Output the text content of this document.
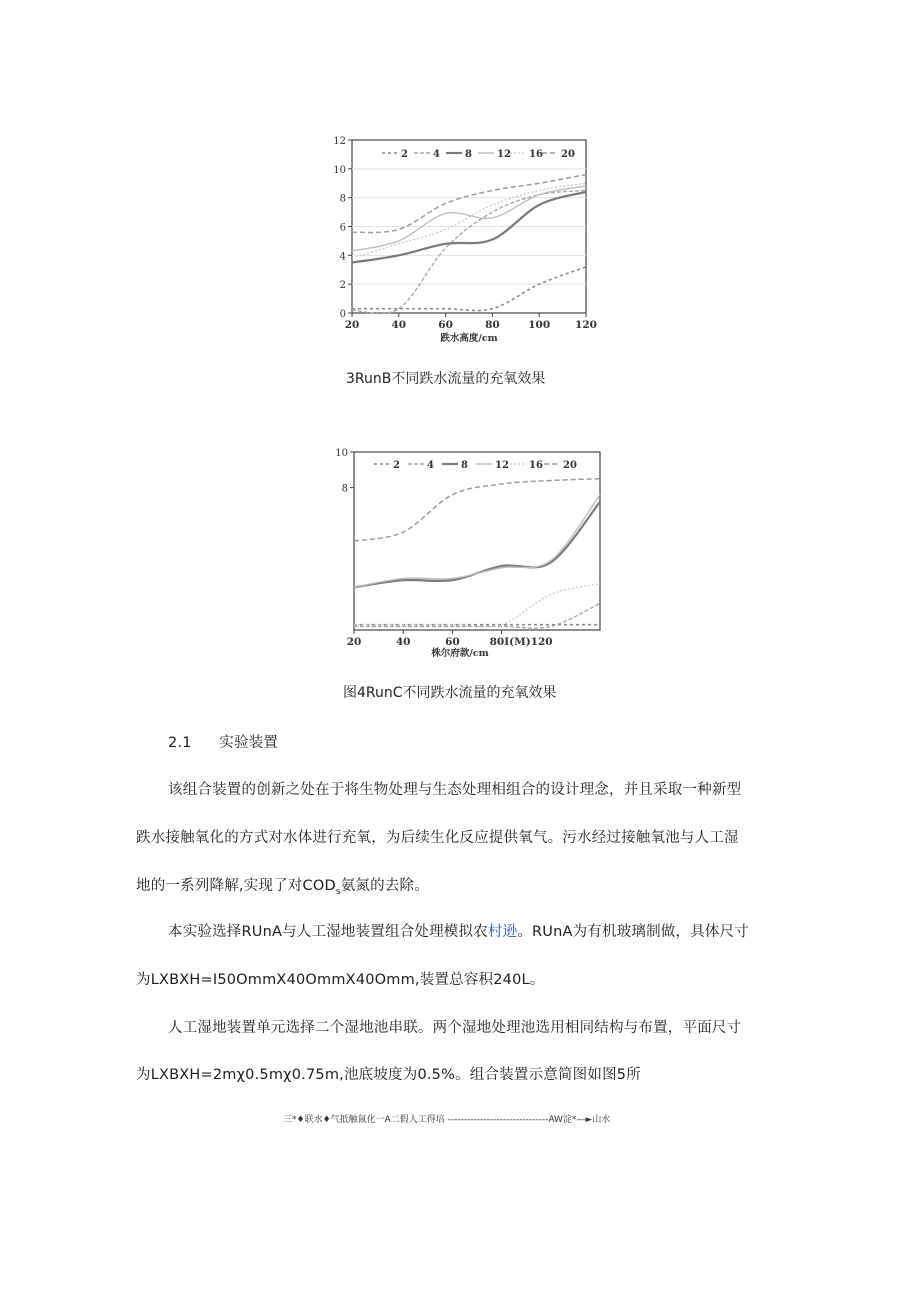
0
2
4
6
8
10
12
20	40	60	80	100 120
跌水高度/cm
2	4	8	12 16 20
3RunB不同跌水流量的充氧效果
10
8
20	40	60	80I(M)120
株尔府款/cm
2	4	8	12 16 20
图4RunC不同跌水流量的充氧效果
2.1 实验装置
该组合装置的创新之处在于将生物处理与生态处理相组合的设计理念，并且采取一种新型
跌水接触氧化的方式对水体进行充氧，为后续生化反应提供氧气。污水经过接触氧池与人工湿
地的一系列降解,实现了对$COD_s$氨氮的去除。
本实验选择RUnA与人工湿地装置组合处理模拟农村逊。RUnA为有机玻璃制做，具体尺寸
为LXBXH=I50OmmX40OmmX40Omm,装置总容积240L。
人工湿地装置单元选择二个湿地池串联。两个湿地处理池选用相同结构与布置，平面尺寸
为LXBXH=2mχ0.5mχ0.75m,池底坡度为0.5%。组合装置示意简图如图5所
三*♦联水♦气抵触氤化一A二假人工得培 -------------------------------AW淀*—►山水
